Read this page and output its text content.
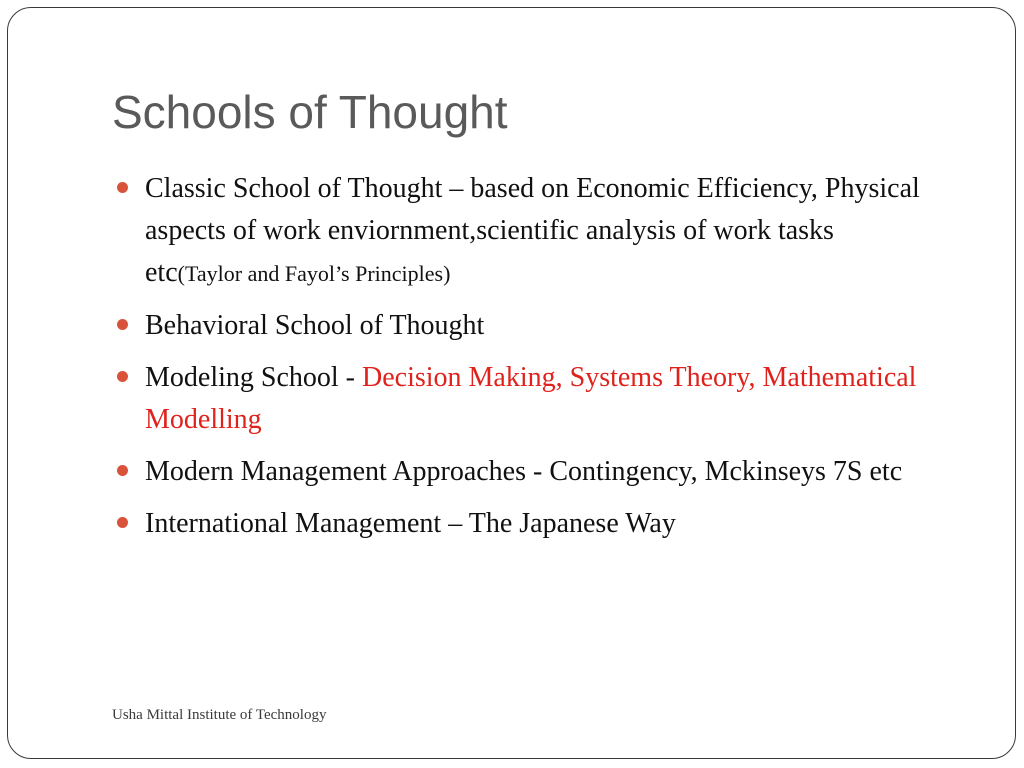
Schools of Thought
Classic School of Thought – based on Economic Efficiency, Physical aspects of work enviornment,scientific analysis of work tasks etc(Taylor and Fayol’s Principles)
Behavioral School of Thought
Modeling School - Decision Making, Systems Theory, Mathematical Modelling
Modern Management Approaches - Contingency, Mckinseys 7S etc
International Management – The Japanese Way
Usha Mittal Institute of Technology
